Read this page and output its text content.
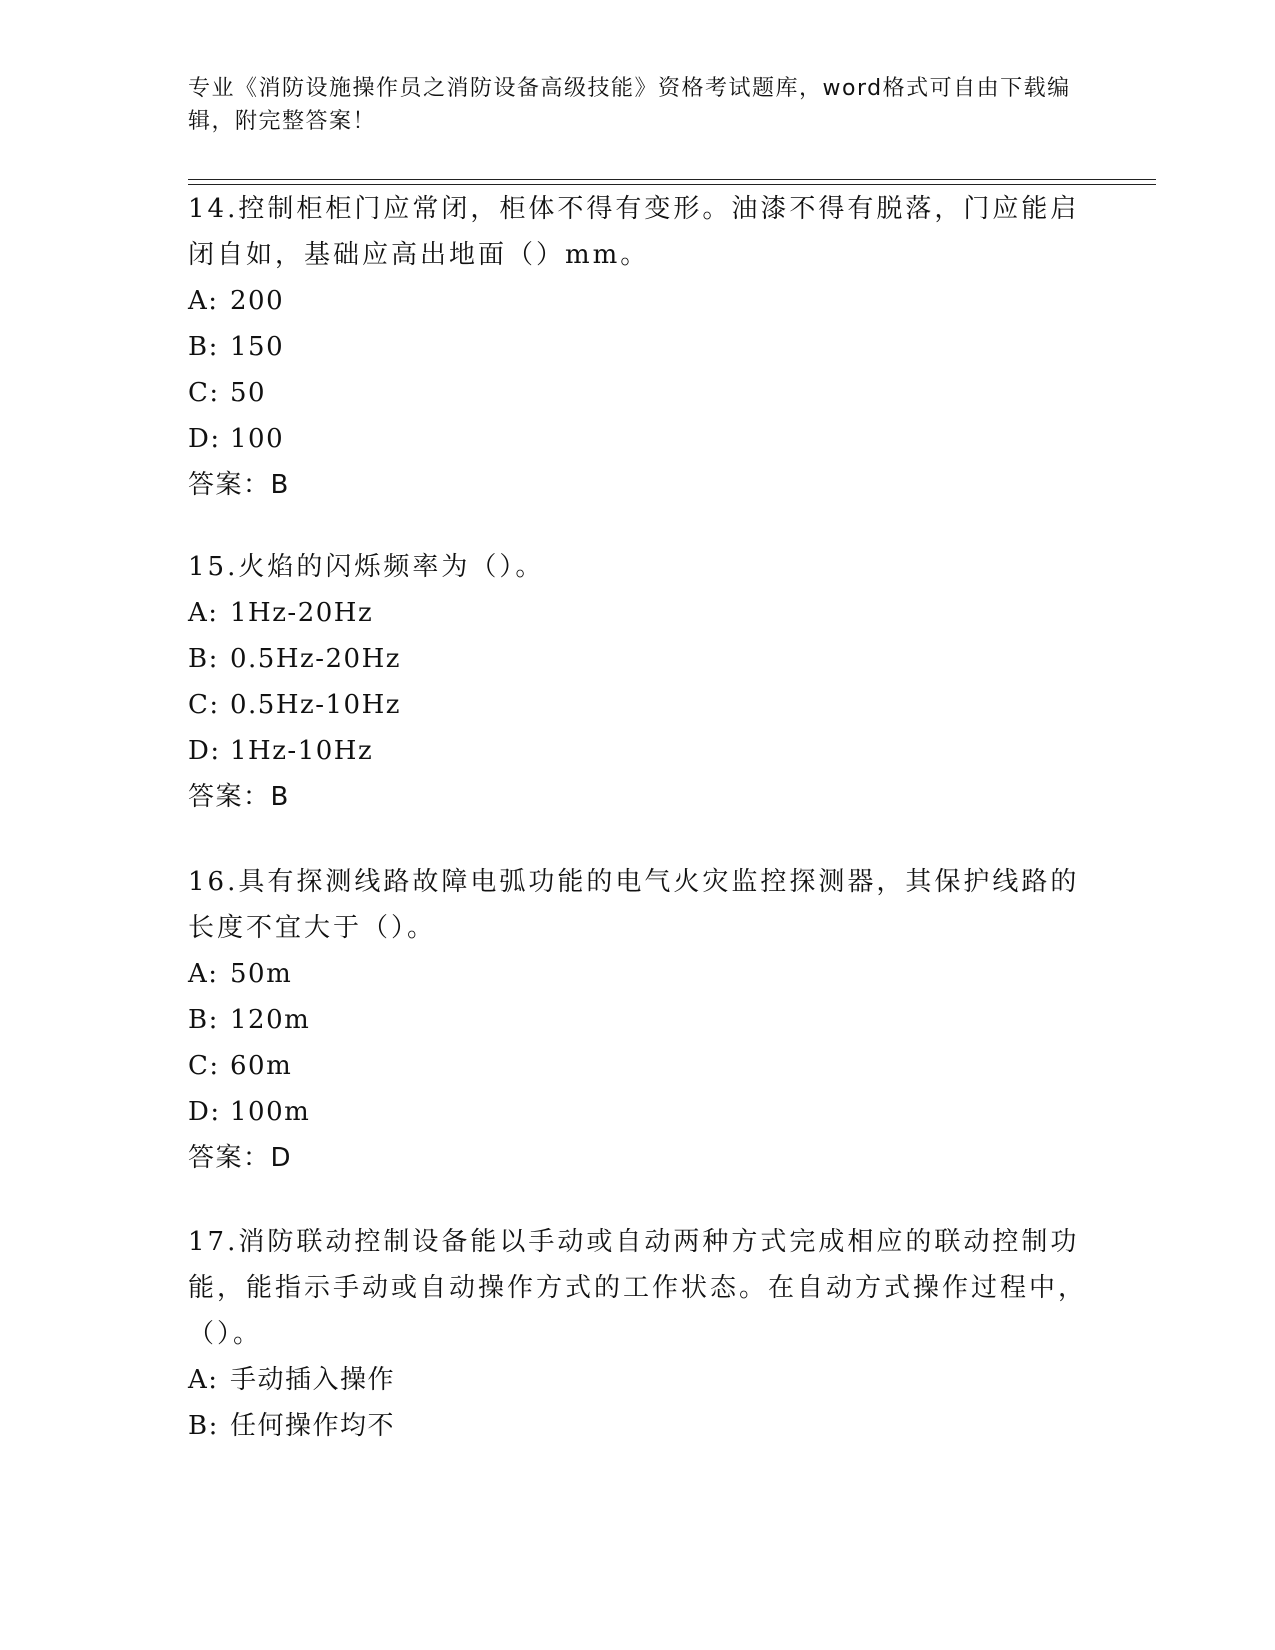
专业《消防设施操作员之消防设备高级技能》资格考试题库，word格式可自由下载编辑，附完整答案！

14.控制柜柜门应常闭，柜体不得有变形。油漆不得有脱落，门应能启闭自如，基础应高出地面（）mm。

A: 200

B: 150

C: 50

D: 100

答案：B

15.火焰的闪烁频率为（）。

A: 1Hz-20Hz

B: 0.5Hz-20Hz

C: 0.5Hz-10Hz

D: 1Hz-10Hz

答案：B

16.具有探测线路故障电弧功能的电气火灾监控探测器，其保护线路的长度不宜大于（）。

A: 50m

B: 120m

C: 60m

D: 100m

答案：D

17.消防联动控制设备能以手动或自动两种方式完成相应的联动控制功能，能指示手动或自动操作方式的工作状态。在自动方式操作过程中，（）。

A: 手动插入操作

B: 任何操作均不
